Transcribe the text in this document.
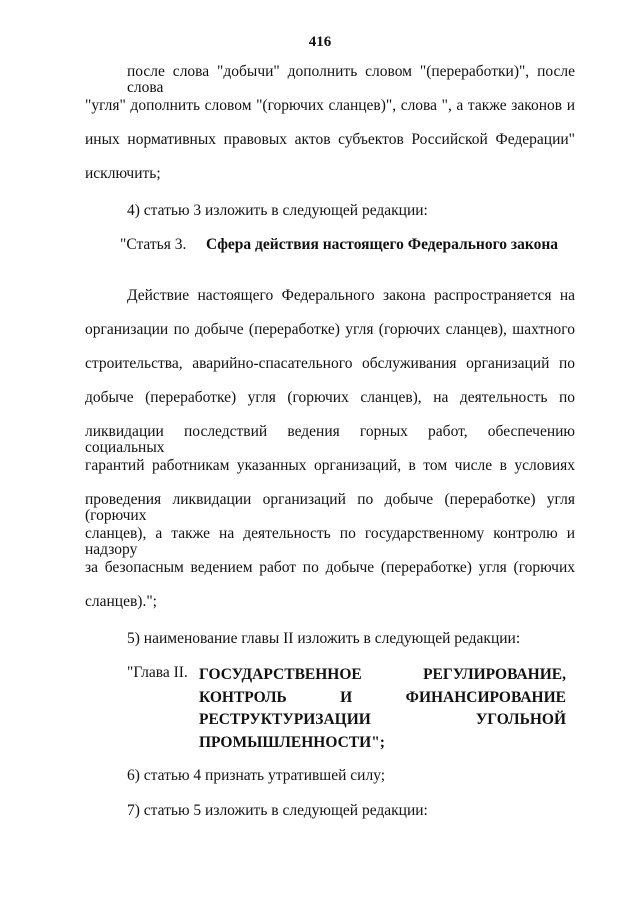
416
после слова "добычи" дополнить словом "(переработки)", после слова
"угля" дополнить словом "(горючих сланцев)", слова ", а также законов и
иных нормативных правовых актов субъектов Российской Федерации"
исключить;
4) статью 3 изложить в следующей редакции:
"Статья 3. Сфера действия настоящего Федерального закона
Действие настоящего Федерального закона распространяется на
организации по добыче (переработке) угля (горючих сланцев), шахтного
строительства, аварийно-спасательного обслуживания организаций по
добыче (переработке) угля (горючих сланцев), на деятельность по
ликвидации последствий ведения горных работ, обеспечению социальных
гарантий работникам указанных организаций, в том числе в условиях
проведения ликвидации организаций по добыче (переработке) угля (горючих
сланцев), а также на деятельность по государственному контролю и надзору
за безопасным ведением работ по добыче (переработке) угля (горючих
сланцев).";
5) наименование главы II изложить в следующей редакции:
"Глава II. ГОСУДАРСТВЕННОЕ РЕГУЛИРОВАНИЕ,
КОНТРОЛЬ И ФИНАНСИРОВАНИЕ
РЕСТРУКТУРИЗАЦИИ УГОЛЬНОЙ
ПРОМЫШЛЕННОСТИ";
6) статью 4 признать утратившей силу;
7) статью 5 изложить в следующей редакции:
